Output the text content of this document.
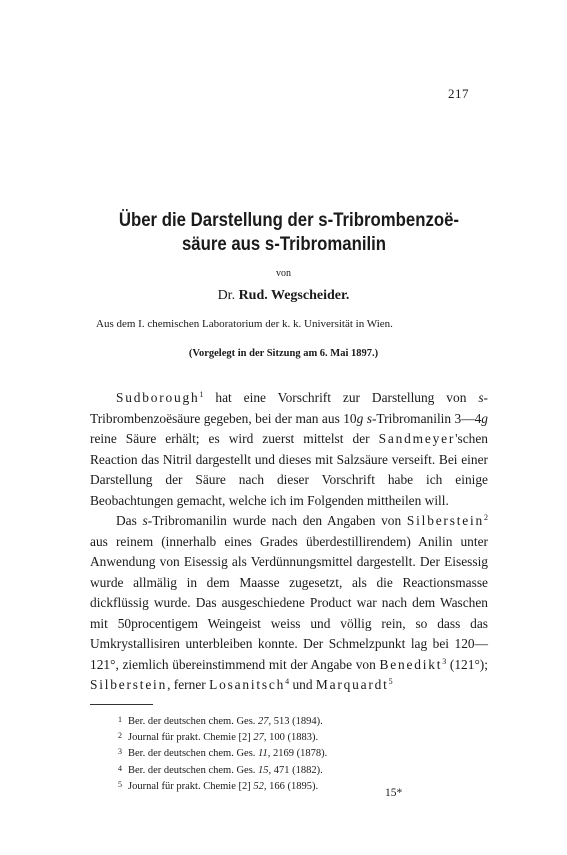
217
Über die Darstellung der s-Tribrombenzoë-
säure aus s-Tribromanilin
von
Dr. Rud. Wegscheider.
Aus dem I. chemischen Laboratorium der k. k. Universität in Wien.
(Vorgelegt in der Sitzung am 6. Mai 1897.)

Sudborough$^1$ hat eine Vorschrift zur Darstellung von s-Tribrombenzoësäure gegeben, bei der man aus 10g s-Tribromanilin 3—4g reine Säure erhält; es wird zuerst mittelst der Sandmeyer'schen Reaction das Nitril dargestellt und dieses mit Salzsäure verseift. Bei einer Darstellung der Säure nach dieser Vorschrift habe ich einige Beobachtungen gemacht, welche ich im Folgenden mittheilen will.

Das s-Tribromanilin wurde nach den Angaben von Silberstein$^2$ aus reinem (innerhalb eines Grades überdestillirendem) Anilin unter Anwendung von Eisessig als Verdünnungsmittel dargestellt. Der Eisessig wurde allmälig in dem Maasse zugesetzt, als die Reactionsmasse dickflüssig wurde. Das ausgeschiedene Product war nach dem Waschen mit 50procentigem Weingeist weiss und völlig rein, so dass das Umkrystallisiren unterbleiben konnte. Der Schmelzpunkt lag bei 120—121°, ziemlich übereinstimmend mit der Angabe von Benedikt$^3$ (121°); Silberstein, ferner Losanitsch$^4$ und Marquardt$^5$

1 Ber. der deutschen chem. Ges. 27, 513 (1894).
2 Journal für prakt. Chemie [2] 27, 100 (1883).
3 Ber. der deutschen chem. Ges. 11, 2169 (1878).
4 Ber. der deutschen chem. Ges. 15, 471 (1882).
5 Journal für prakt. Chemie [2] 52, 166 (1895).
15*
